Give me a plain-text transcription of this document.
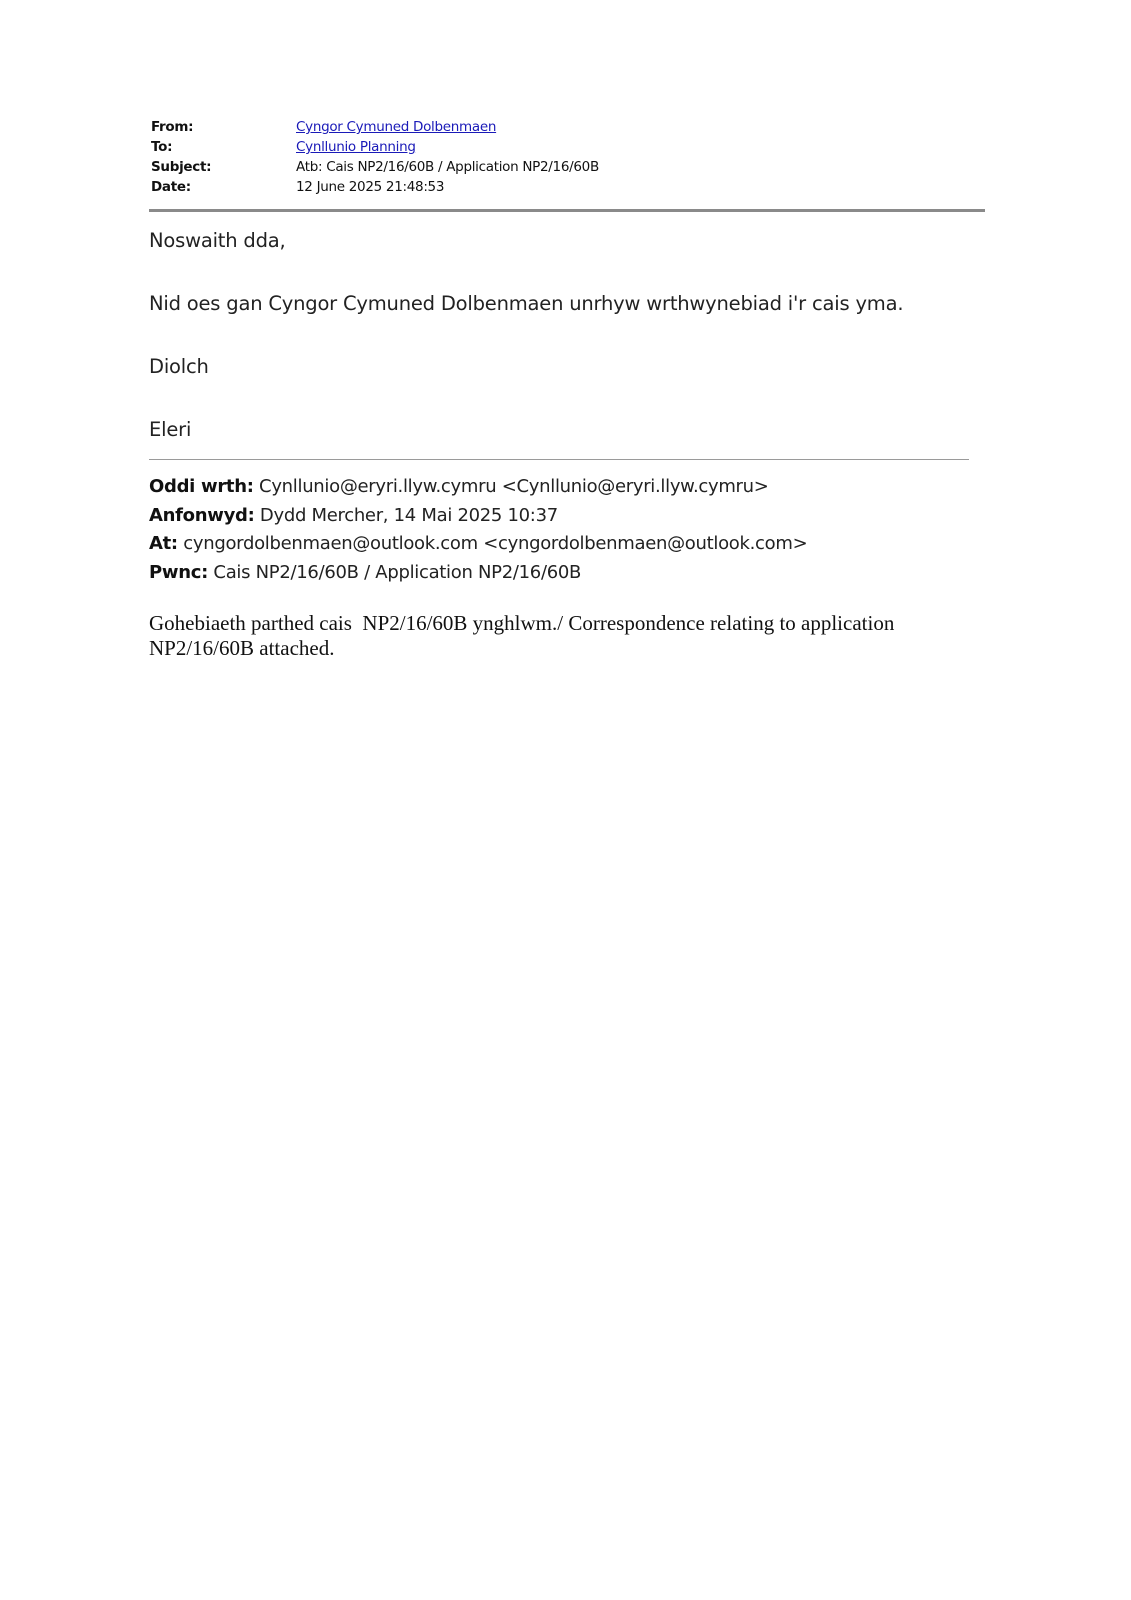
From:	Cyngor Cymuned Dolbenmaen
To:	Cynllunio Planning
Subject:	Atb: Cais NP2/16/60B / Application NP2/16/60B
Date:	12 June 2025 21:48:53
Noswaith dda,
Nid oes gan Cyngor Cymuned Dolbenmaen unrhyw wrthwynebiad i'r cais yma.
Diolch
Eleri
Oddi wrth: Cynllunio@eryri.llyw.cymru <Cynllunio@eryri.llyw.cymru>
Anfonwyd: Dydd Mercher, 14 Mai 2025 10:37
At: cyngordolbenmaen@outlook.com <cyngordolbenmaen@outlook.com>
Pwnc: Cais NP2/16/60B / Application NP2/16/60B
Gohebiaeth parthed cais  NP2/16/60B ynghlwm./ Correspondence relating to application
NP2/16/60B attached.
